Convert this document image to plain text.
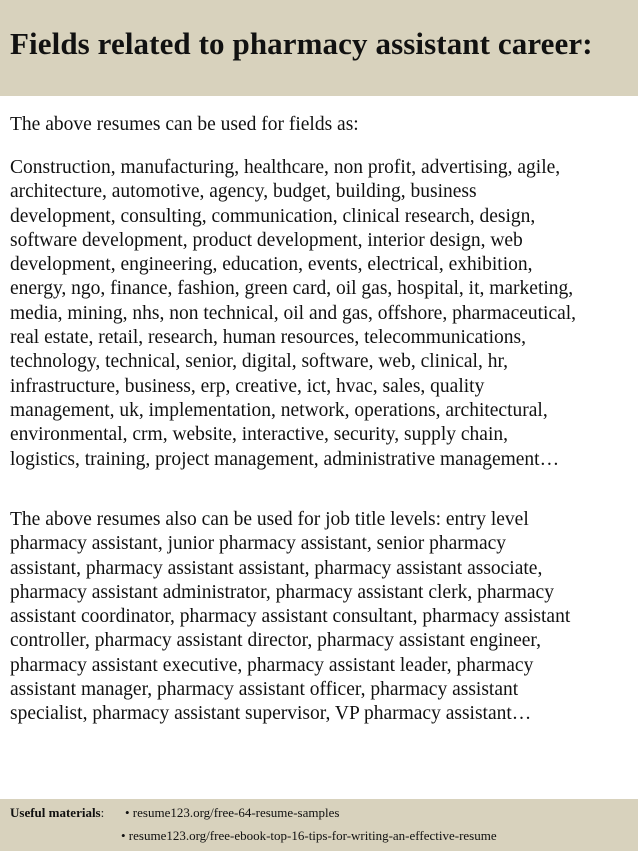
Fields related to pharmacy assistant career:

The above resumes can be used for fields as:

Construction, manufacturing, healthcare, non profit, advertising, agile,
architecture, automotive, agency, budget, building, business
development, consulting, communication, clinical research, design,
software development, product development, interior design, web
development, engineering, education, events, electrical, exhibition,
energy, ngo, finance, fashion, green card, oil gas, hospital, it, marketing,
media, mining, nhs, non technical, oil and gas, offshore, pharmaceutical,
real estate, retail, research, human resources, telecommunications,
technology, technical, senior, digital, software, web, clinical, hr,
infrastructure, business, erp, creative, ict, hvac, sales, quality
management, uk, implementation, network, operations, architectural,
environmental, crm, website, interactive, security, supply chain,
logistics, training, project management, administrative management…
The above resumes also can be used for job title levels: entry level
pharmacy assistant, junior pharmacy assistant, senior pharmacy
assistant, pharmacy assistant assistant, pharmacy assistant associate,
pharmacy assistant administrator, pharmacy assistant clerk, pharmacy
assistant coordinator, pharmacy assistant consultant, pharmacy assistant
controller, pharmacy assistant director, pharmacy assistant engineer,
pharmacy assistant executive, pharmacy assistant leader, pharmacy
assistant manager, pharmacy assistant officer, pharmacy assistant
specialist, pharmacy assistant supervisor, VP pharmacy assistant…
Useful materials: • resume123.org/free-64-resume-samples
• resume123.org/free-ebook-top-16-tips-for-writing-an-effective-resume
